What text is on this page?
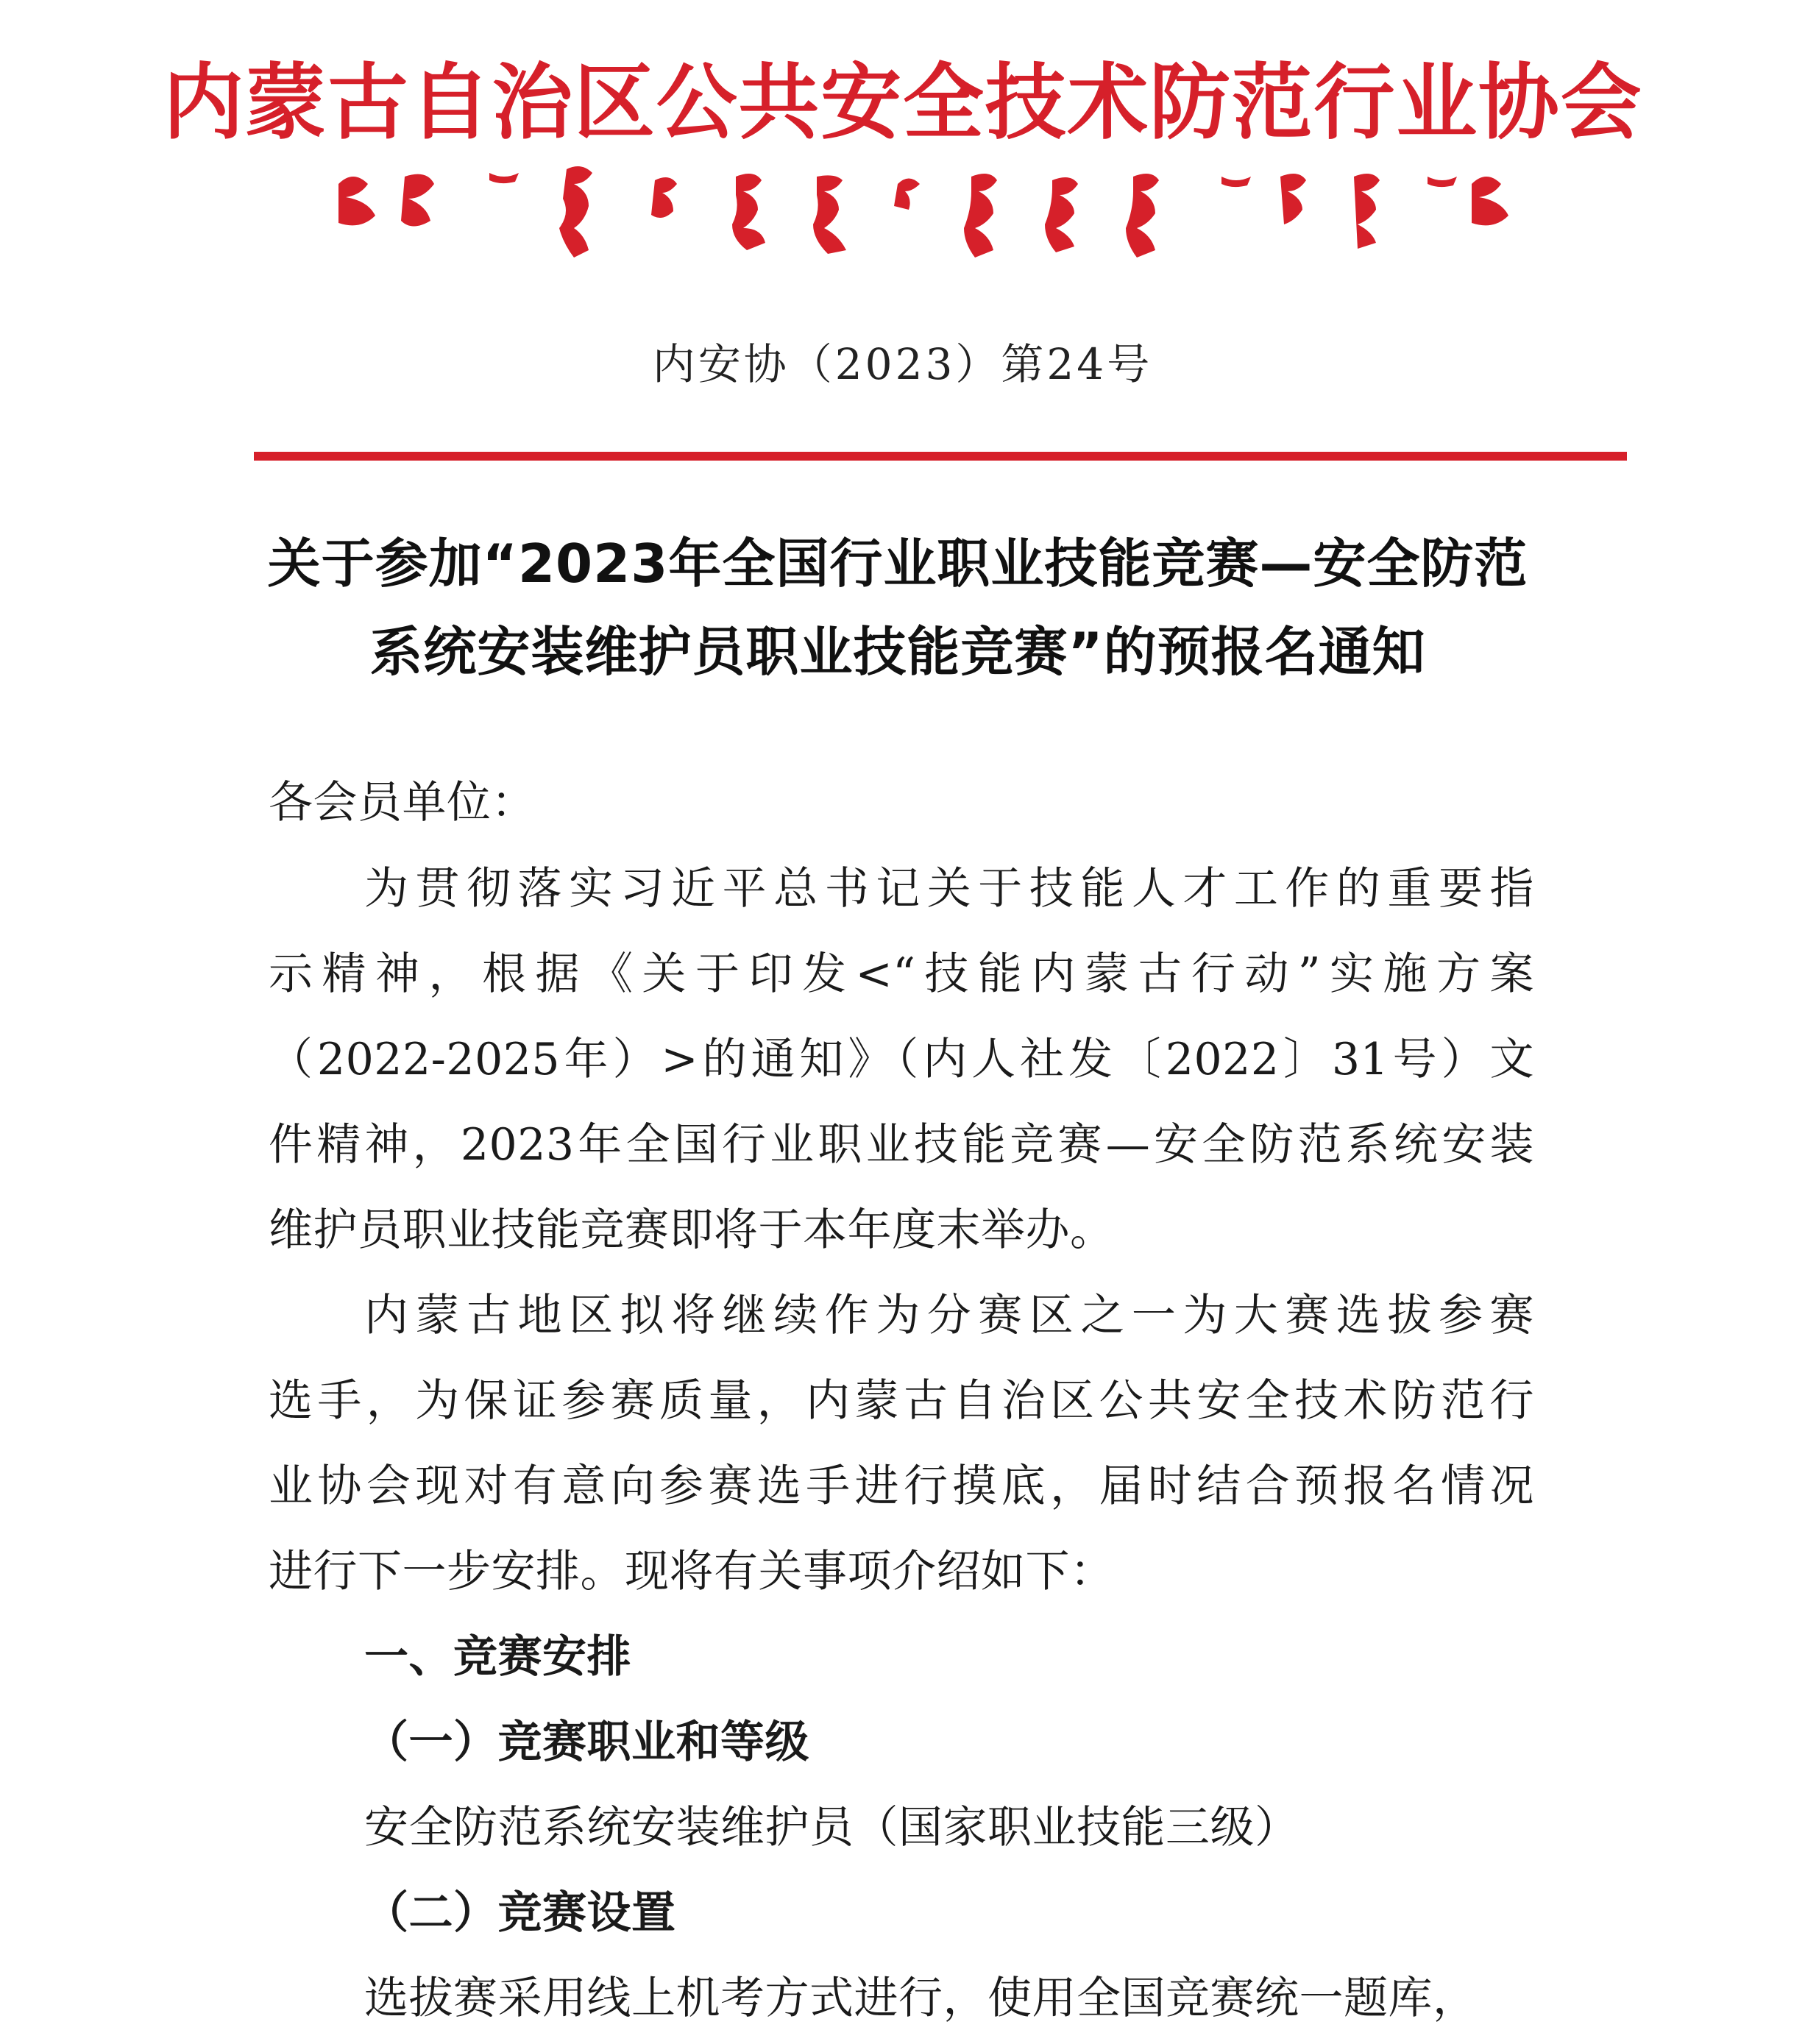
内蒙古自治区公共安全技术防范行业协会
内安协（2023）第24号
关于参加“2023年全国行业职业技能竞赛—安全防范
系统安装维护员职业技能竞赛”的预报名通知
各会员单位：
为贯彻落实习近平总书记关于技能人才工作的重要指
示精神，根据《关于印发<“技能内蒙古行动”实施方案
（2022-2025年）>的通知》（内人社发〔2022〕31号）文
件精神，2023年全国行业职业技能竞赛—安全防范系统安装
维护员职业技能竞赛即将于本年度末举办。
内蒙古地区拟将继续作为分赛区之一为大赛选拔参赛
选手，为保证参赛质量，内蒙古自治区公共安全技术防范行
业协会现对有意向参赛选手进行摸底，届时结合预报名情况
进行下一步安排。现将有关事项介绍如下：
一、竞赛安排
（一）竞赛职业和等级
安全防范系统安装维护员（国家职业技能三级）
（二）竞赛设置
选拔赛采用线上机考方式进行，使用全国竞赛统一题库，
